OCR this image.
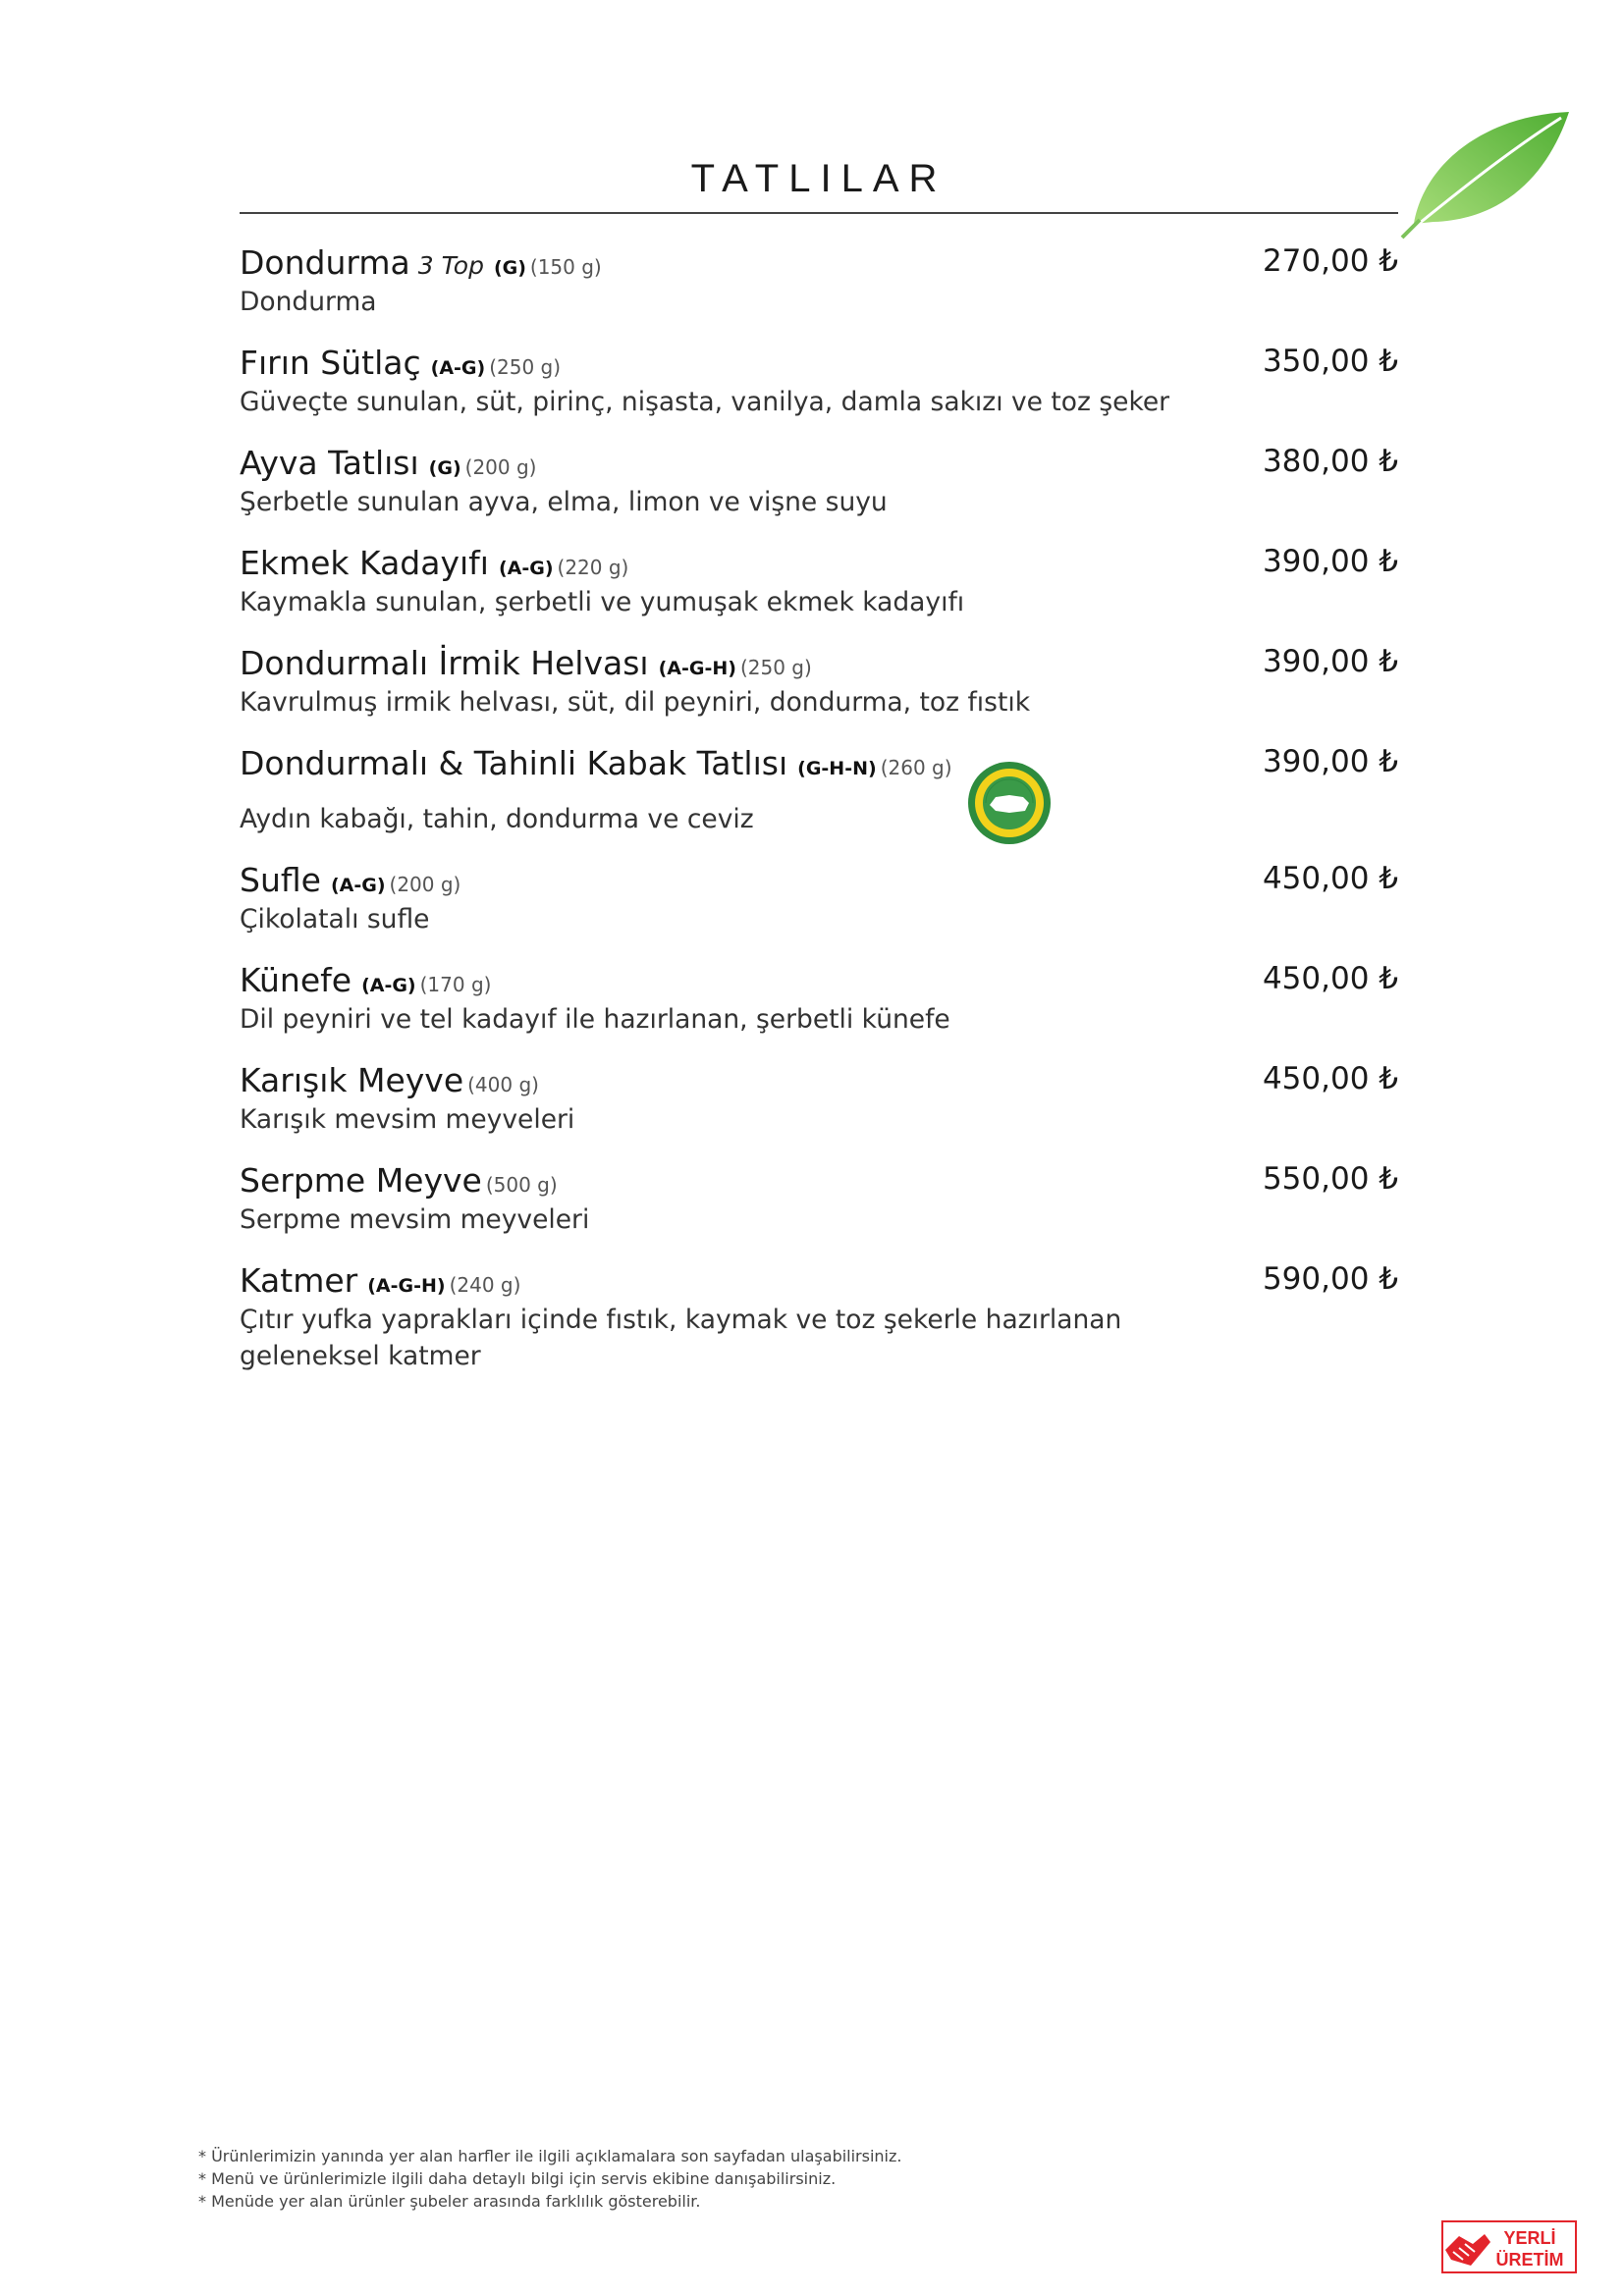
TATLILAR
Dondurma 3 Top (G) (150 g)	270,00 ₺
Dondurma
Fırın Sütlaç (A-G) (250 g)	350,00 ₺
Güveçte sunulan, süt, pirinç, nişasta, vanilya, damla sakızı ve toz şeker
Ayva Tatlısı (G) (200 g)	380,00 ₺
Şerbetle sunulan ayva, elma, limon ve vişne suyu
Ekmek Kadayıfı (A-G) (220 g)	390,00 ₺
Kaymakla sunulan, şerbetli ve yumuşak ekmek kadayıfı
Dondurmalı İrmik Helvası (A-G-H) (250 g)	390,00 ₺
Kavrulmuş irmik helvası, süt, dil peyniri, dondurma, toz fıstık
Dondurmalı & Tahinli Kabak Tatlısı (G-H-N) (260 g)	390,00 ₺
Aydın kabağı, tahin, dondurma ve ceviz
Sufle (A-G) (200 g)	450,00 ₺
Çikolatalı sufle
Künefe (A-G) (170 g)	450,00 ₺
Dil peyniri ve tel kadayıf ile hazırlanan, şerbetli künefe
Karışık Meyve (400 g)	450,00 ₺
Karışık mevsim meyveleri
Serpme Meyve (500 g)	550,00 ₺
Serpme mevsim meyveleri
Katmer (A-G-H) (240 g)	590,00 ₺
Çıtır yufka yaprakları içinde fıstık, kaymak ve toz şekerle hazırlanan geleneksel katmer
* Ürünlerimizin yanında yer alan harfler ile ilgili açıklamalara son sayfadan ulaşabilirsiniz.
* Menü ve ürünlerimizle ilgili daha detaylı bilgi için servis ekibine danışabilirsiniz.
* Menüde yer alan ürünler şubeler arasında farklılık gösterebilir.
YERLİ
ÜRETİM
